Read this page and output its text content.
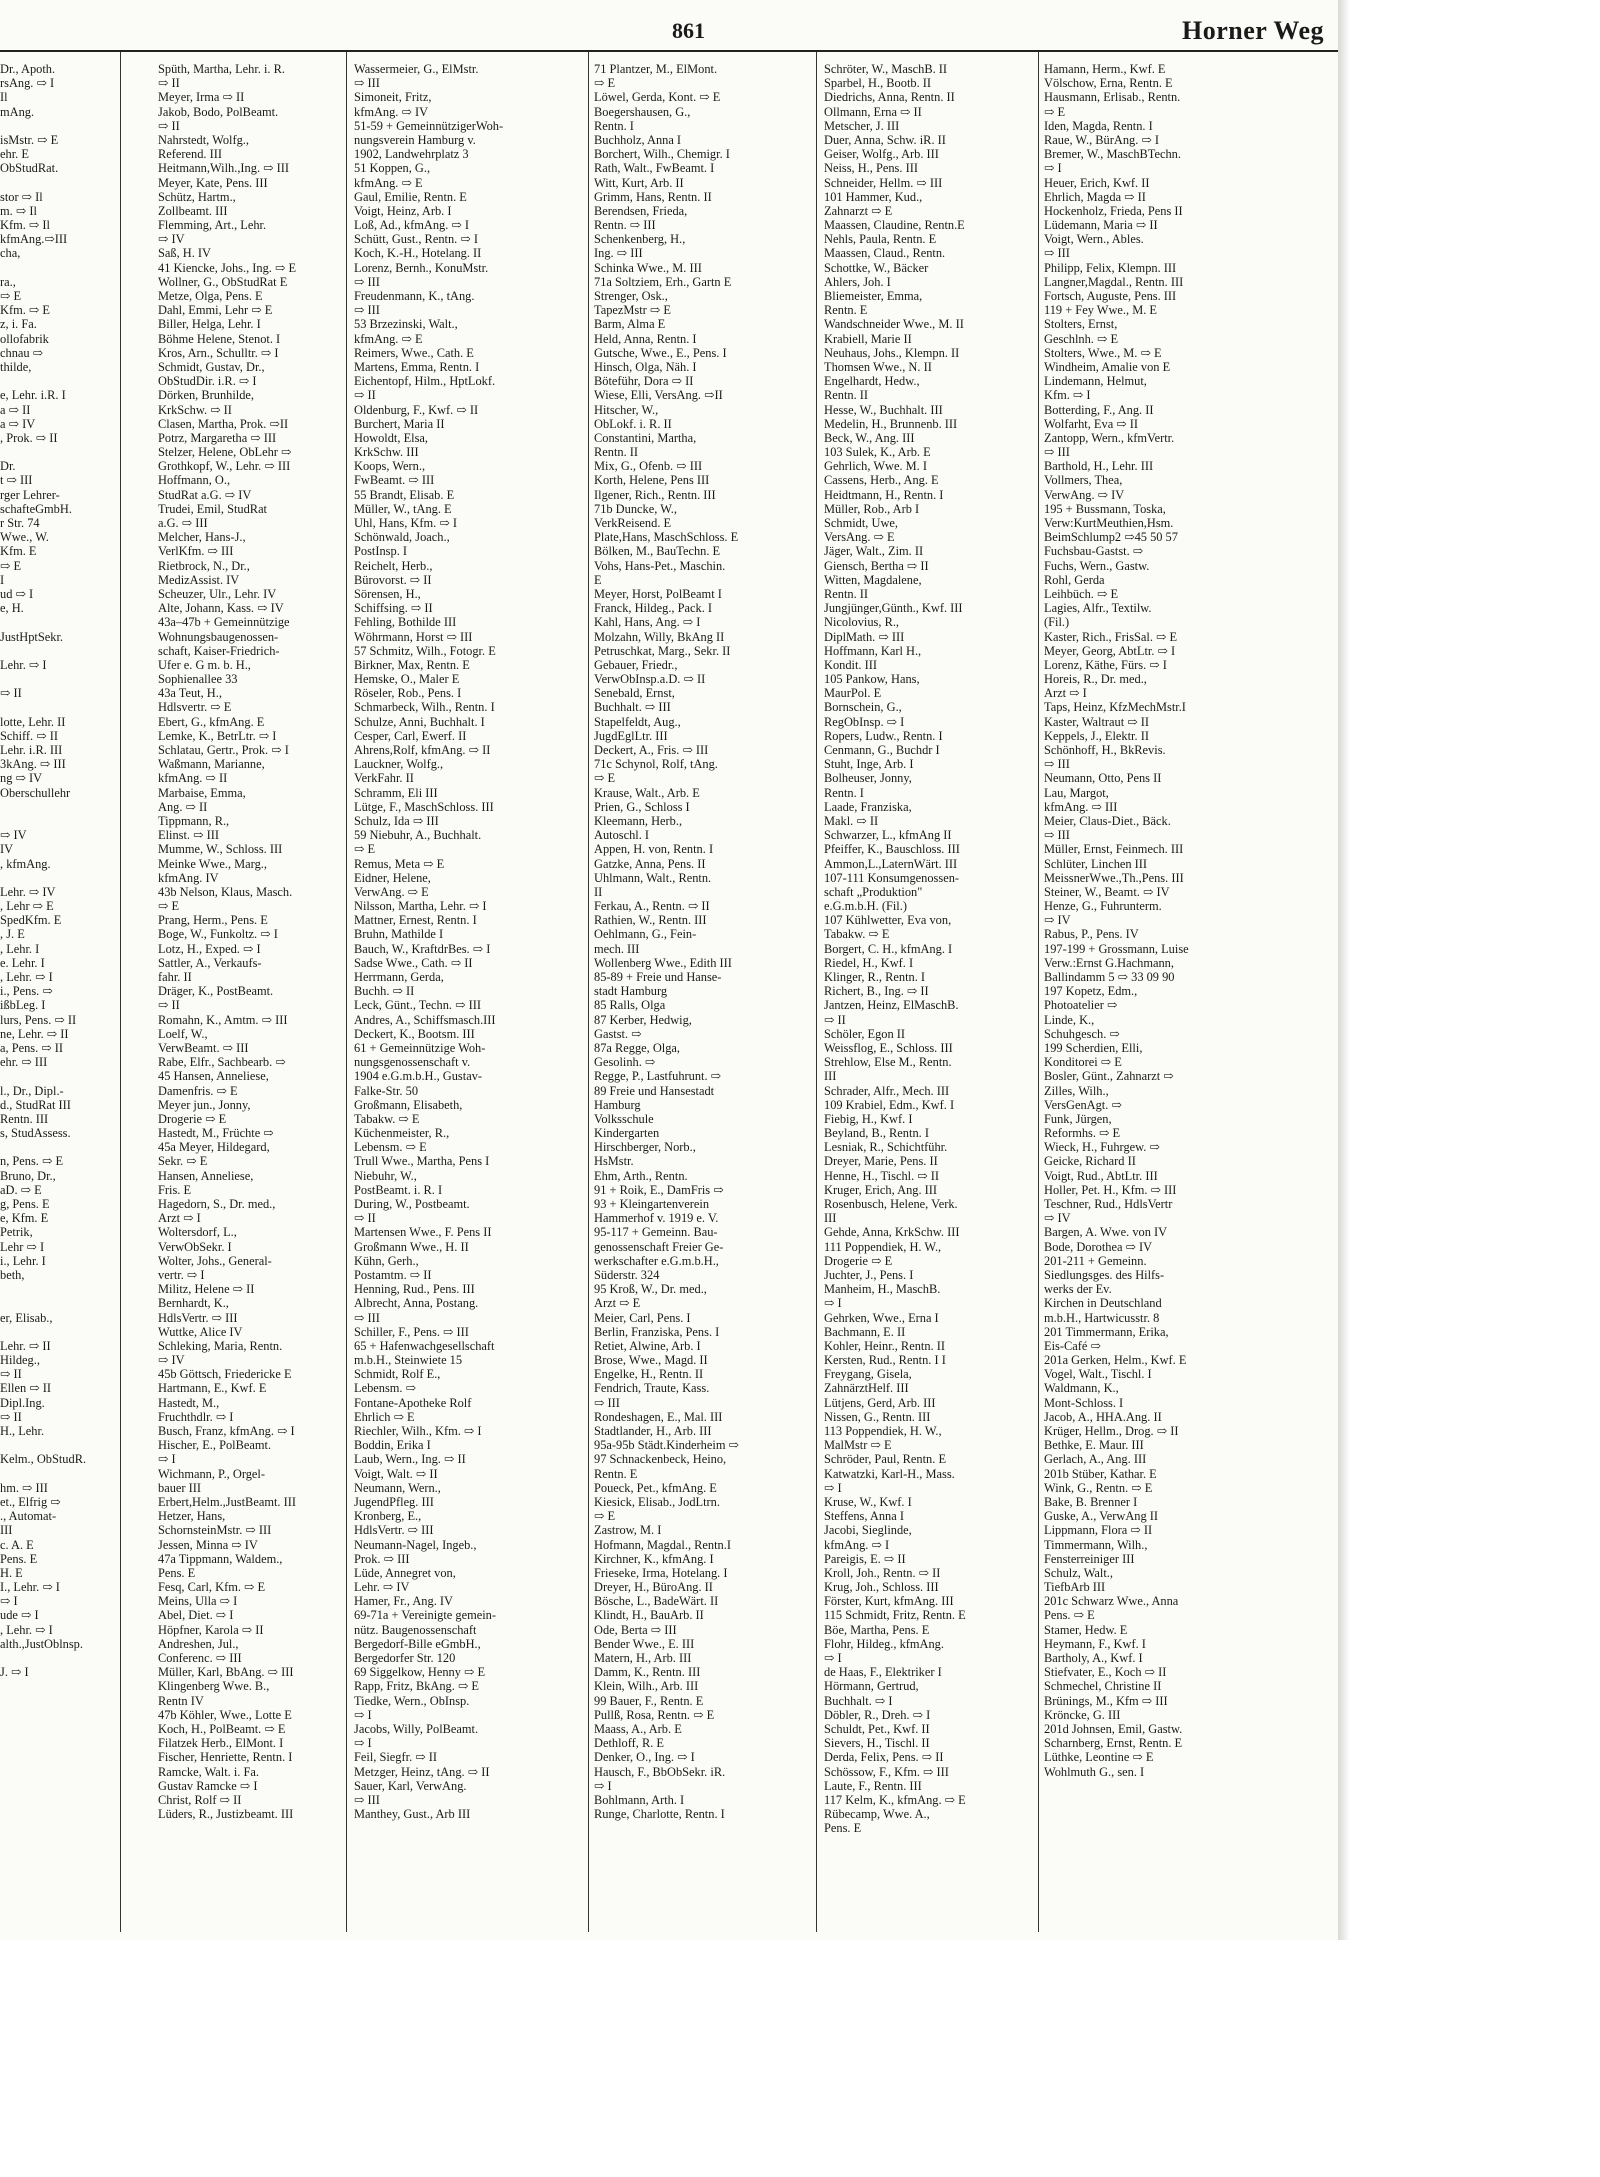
861	Horner Weg
Dr., Apoth.
rsAng. ⇨ I
Il
mAng.
isMstr. ⇨ E
ehr. E
ObStudRat.
stor ⇨ Il
m. ⇨ Il
Kfm. ⇨ Il
kfmAng.⇨III
cha,
ra.,
⇨ E
Kfm. ⇨ E
z, i. Fa.
ollofabrik
chnau ⇨
thilde,
e, Lehr. i.R. I
a ⇨ II
a ⇨ IV
, Prok. ⇨ II
Dr.
t ⇨ III
rger Lehrer-
schafteGmbH.
r Str. 74
Wwe., W.
Kfm. E
⇨ E
I
ud ⇨ I
e, H.
JustHptSekr.
Lehr. ⇨ I
⇨ II
lotte, Lehr. II
Schiff. ⇨ II
Lehr. i.R. III
3kAng. ⇨ III
ng ⇨ IV
Oberschullehr
⇨ IV
IV
, kfmAng.
Lehr. ⇨ IV
, Lehr ⇨ E
SpedKfm. E
, J. E
, Lehr. I
e. Lehr. I
, Lehr. ⇨ I
i., Pens. ⇨
ißbLeg. I
lurs, Pens. ⇨ II
ne, Lehr. ⇨ II
a, Pens. ⇨ II
ehr. ⇨ III
l., Dr., Dipl.-
d., StudRat III
Rentn. III
s, StudAssess.
n, Pens. ⇨ E
Bruno, Dr.,
aD. ⇨ E
g, Pens. E
e, Kfm. E
Petrik,
Lehr ⇨ I
i., Lehr. I
beth,
er, Elisab.,
Lehr. ⇨ II
Hildeg.,
⇨ II
Ellen ⇨ II
Dipl.Ing.
⇨ II
H., Lehr.
Kelm., ObStudR.
hm. ⇨ III
et., Elfrig ⇨
., Automat-
III
c. A. E
Pens. E
H. E
I., Lehr. ⇨ I
⇨ I
ude ⇨ I
, Lehr. ⇨ I
alth.,JustOblnsp.
J. ⇨ I
Spüth, Martha, Lehr. i. R.
⇨ II
Meyer, Irma ⇨ II
Jakob, Bodo, PolBeamt.
⇨ II
Nahrstedt, Wolfg.,
Referend. III
Heitmann,Wilh.,Ing. ⇨ III
Meyer, Kate, Pens. III
Schütz, Hartm.,
Zollbeamt. III
Flemming, Art., Lehr.
⇨ IV
Saß, H. IV
41 Kiencke, Johs., Ing. ⇨ E
Wollner, G., ObStudRat E
Metze, Olga, Pens. E
Dahl, Emmi, Lehr ⇨ E
Biller, Helga, Lehr. I
Böhme Helene, Stenot. I
Kros, Arn., Schulltr. ⇨ I
Schmidt, Gustav, Dr.,
ObStudDir. i.R. ⇨ I
Dörken, Brunhilde,
KrkSchw. ⇨ II
Clasen, Martha, Prok. ⇨II
Potrz, Margaretha ⇨ III
Stelzer, Helene, ObLehr ⇨
Grothkopf, W., Lehr. ⇨ III
Hoffmann, O.,
StudRat a.G. ⇨ IV
Trudei, Emil, StudRat
a.G. ⇨ III
Melcher, Hans-J.,
VerlKfm. ⇨ III
Rietbrock, N., Dr.,
MedizAssist. IV
Scheuzer, Ulr., Lehr. IV
Alte, Johann, Kass. ⇨ IV
43a–47b + Gemeinnützige
Wohnungsbaugenossen-
schaft, Kaiser-Friedrich-
Ufer e. G m. b. H.,
Sophienallee 33
43a Teut, H.,
Hdlsvertr. ⇨ E
Ebert, G., kfmAng. E
Lemke, K., BetrLtr. ⇨ I
Schlatau, Gertr., Prok. ⇨ I
Waßmann, Marianne,
kfmAng. ⇨ II
Marbaise, Emma,
Ang. ⇨ II
Tippmann, R.,
Elinst. ⇨ III
Mumme, W., Schloss. III
Meinke Wwe., Marg.,
kfmAng. IV
43b Nelson, Klaus, Masch.
⇨ E
Prang, Herm., Pens. E
Boge, W., Funkoltz. ⇨ I
Lotz, H., Exped. ⇨ I
Sattler, A., Verkaufs-
fahr. II
Dräger, K., PostBeamt.
⇨ II
Romahn, K., Amtm. ⇨ III
Loelf, W.,
VerwBeamt. ⇨ III
Rabe, Elfr., Sachbearb. ⇨
45 Hansen, Anneliese,
Damenfris. ⇨ E
Meyer jun., Jonny,
Drogerie ⇨ E
Hastedt, M., Früchte ⇨
45a Meyer, Hildegard,
Sekr. ⇨ E
Hansen, Anneliese,
Fris. E
Hagedorn, S., Dr. med.,
Arzt ⇨ I
Woltersdorf, L.,
VerwObSekr. I
Wolter, Johs., General-
vertr. ⇨ I
Militz, Helene ⇨ II
Bernhardt, K.,
HdlsVertr. ⇨ III
Wuttke, Alice IV
Schleking, Maria, Rentn.
⇨ IV
45b Göttsch, Friedericke E
Hartmann, E., Kwf. E
Hastedt, M.,
Fruchthdlr. ⇨ I
Busch, Franz, kfmAng. ⇨ I
Hischer, E., PolBeamt.
⇨ I
Wichmann, P., Orgel-
bauer III
Erbert,Helm.,JustBeamt. III
Hetzer, Hans,
SchornsteinMstr. ⇨ III
Jessen, Minna ⇨ IV
47a Tippmann, Waldem.,
Pens. E
Fesq, Carl, Kfm. ⇨ E
Meins, Ulla ⇨ I
Abel, Diet. ⇨ I
Höpfner, Karola ⇨ II
Andreshen, Jul.,
Conferenc. ⇨ III
Müller, Karl, BbAng. ⇨ III
Klingenberg Wwe. B.,
Rentn IV
47b Köhler, Wwe., Lotte E
Koch, H., PolBeamt. ⇨ E
Filatzek Herb., ElMont. I
Fischer, Henriette, Rentn. I
Ramcke, Walt. i. Fa.
Gustav Ramcke ⇨ I
Christ, Rolf ⇨ II
Lüders, R., Justizbeamt. III
Wassermeier, G., ElMstr.
⇨ III
Simoneit, Fritz,
kfmAng. ⇨ IV
51-59 + GemeinnützigerWoh-
nungsverein Hamburg v.
1902, Landwehrplatz 3
51 Koppen, G.,
kfmAng. ⇨ E
Gaul, Emilie, Rentn. E
Voigt, Heinz, Arb. I
Loß, Ad., kfmAng. ⇨ I
Schütt, Gust., Rentn. ⇨ I
Koch, K.-H., Hotelang. II
Lorenz, Bernh., KonuMstr.
⇨ III
Freudenmann, K., tAng.
⇨ III
53 Brzezinski, Walt.,
kfmAng. ⇨ E
Reimers, Wwe., Cath. E
Martens, Emma, Rentn. I
Eichentopf, Hilm., HptLokf.
⇨ II
Oldenburg, F., Kwf. ⇨ II
Burchert, Maria II
Howoldt, Elsa,
KrkSchw. III
Koops, Wern.,
FwBeamt. ⇨ III
55 Brandt, Elisab. E
Müller, W., tAng. E
Uhl, Hans, Kfm. ⇨ I
Schönwald, Joach.,
PostInsp. I
Reichelt, Herb.,
Bürovorst. ⇨ II
Sörensen, H.,
Schiffsing. ⇨ II
Fehling, Bothilde III
Wöhrmann, Horst ⇨ III
57 Schmitz, Wilh., Fotogr. E
Birkner, Max, Rentn. E
Hemske, O., Maler E
Röseler, Rob., Pens. I
Schmarbeck, Wilh., Rentn. I
Schulze, Anni, Buchhalt. I
Cesper, Carl, Ewerf. II
Ahrens,Rolf, kfmAng. ⇨ II
Lauckner, Wolfg.,
VerkFahr. II
Schramm, Eli III
Lütge, F., MaschSchloss. III
Schulz, Ida ⇨ III
59 Niebuhr, A., Buchhalt.
⇨ E
Remus, Meta ⇨ E
Eidner, Helene,
VerwAng. ⇨ E
Nilsson, Martha, Lehr. ⇨ I
Mattner, Ernest, Rentn. I
Bruhn, Mathilde I
Bauch, W., KraftdrBes. ⇨ I
Sadse Wwe., Cath. ⇨ II
Herrmann, Gerda,
Buchh. ⇨ II
Leck, Günt., Techn. ⇨ III
Andres, A., Schiffsmasch.III
Deckert, K., Bootsm. III
61 + Gemeinnützige Woh-
nungsgenossenschaft v.
1904 e.G.m.b.H., Gustav-
Falke-Str. 50
Großmann, Elisabeth,
Tabakw. ⇨ E
Küchenmeister, R.,
Lebensm. ⇨ E
Trull Wwe., Martha, Pens I
Niebuhr, W.,
PostBeamt. i. R. I
During, W., Postbeamt.
⇨ II
Martensen Wwe., F. Pens II
Großmann Wwe., H. II
Kühn, Gerh.,
Postamtm. ⇨ II
Henning, Rud., Pens. III
Albrecht, Anna, Postang.
⇨ III
Schiller, F., Pens. ⇨ III
65 + Hafenwachgesellschaft
m.b.H., Steinwiete 15
Schmidt, Rolf E.,
Lebensm. ⇨
Fontane-Apotheke Rolf
Ehrlich ⇨ E
Riechler, Wilh., Kfm. ⇨ I
Boddin, Erika I
Laub, Wern., Ing. ⇨ II
Voigt, Walt. ⇨ II
Neumann, Wern.,
JugendPfleg. III
Kronberg, E.,
HdlsVertr. ⇨ III
Neumann-Nagel, Ingeb.,
Prok. ⇨ III
Lüde, Annegret von,
Lehr. ⇨ IV
Hamer, Fr., Ang. IV
69-71a + Vereinigte gemein-
nütz. Baugenossenschaft
Bergedorf-Bille eGmbH.,
Bergedorfer Str. 120
69 Siggelkow, Henny ⇨ E
Rapp, Fritz, BkAng. ⇨ E
Tiedke, Wern., ObInsp.
⇨ I
Jacobs, Willy, PolBeamt.
⇨ I
Feil, Siegfr. ⇨ II
Metzger, Heinz, tAng. ⇨ II
Sauer, Karl, VerwAng.
⇨ III
Manthey, Gust., Arb III
71 Plantzer, M., ElMont.
⇨ E
Löwel, Gerda, Kont. ⇨ E
Boegershausen, G.,
Rentn. I
Buchholz, Anna I
Borchert, Wilh., Chemigr. I
Rath, Walt., FwBeamt. I
Witt, Kurt, Arb. II
Grimm, Hans, Rentn. II
Berendsen, Frieda,
Rentn. ⇨ III
Schenkenberg, H.,
Ing. ⇨ III
Schinka Wwe., M. III
71a Soltziem, Erh., Gartn E
Strenger, Osk.,
TapezMstr ⇨ E
Barm, Alma E
Held, Anna, Rentn. I
Gutsche, Wwe., E., Pens. I
Hinsch, Olga, Näh. I
Böteführ, Dora ⇨ II
Wiese, Elli, VersAng. ⇨II
Hitscher, W.,
ObLokf. i. R. II
Constantini, Martha,
Rentn. II
Mix, G., Ofenb. ⇨ III
Korth, Helene, Pens III
Ilgener, Rich., Rentn. III
71b Duncke, W.,
VerkReisend. E
Plate,Hans, MaschSchloss. E
Bölken, M., BauTechn. E
Vohs, Hans-Pet., Maschin.
E
Meyer, Horst, PolBeamt I
Franck, Hildeg., Pack. I
Kahl, Hans, Ang. ⇨ I
Molzahn, Willy, BkAng II
Petruschkat, Marg., Sekr. II
Gebauer, Friedr.,
VerwObInsp.a.D. ⇨ II
Senebald, Ernst,
Buchhalt. ⇨ III
Stapelfeldt, Aug.,
JugdEglLtr. III
Deckert, A., Fris. ⇨ III
71c Schynol, Rolf, tAng.
⇨ E
Krause, Walt., Arb. E
Prien, G., Schloss I
Kleemann, Herb.,
Autoschl. I
Appen, H. von, Rentn. I
Gatzke, Anna, Pens. II
Uhlmann, Walt., Rentn.
II
Ferkau, A., Rentn. ⇨ II
Rathien, W., Rentn. III
Oehlmann, G., Fein-
mech. III
Wollenberg Wwe., Edith III
85-89 + Freie und Hanse-
stadt Hamburg
85 Ralls, Olga
87 Kerber, Hedwig,
Gastst. ⇨
87a Regge, Olga,
Gesolinh. ⇨
Regge, P., Lastfuhrunt. ⇨
89 Freie und Hansestadt
Hamburg
Volksschule
Kindergarten
Hirschberger, Norb.,
HsMstr.
Ehm, Arth., Rentn.
91 + Roik, E., DamFris ⇨
93 + Kleingartenverein
Hammerhof v. 1919 e. V.
95-117 + Gemeinn. Bau-
genossenschaft Freier Ge-
werkschafter e.G.m.b.H.,
Süderstr. 324
95 Kroß, W., Dr. med.,
Arzt ⇨ E
Meier, Carl, Pens. I
Berlin, Franziska, Pens. I
Retiet, Alwine, Arb. I
Brose, Wwe., Magd. II
Engelke, H., Rentn. II
Fendrich, Traute, Kass.
⇨ III
Rondeshagen, E., Mal. III
Stadtlander, H., Arb. III
95a-95b Städt.Kinderheim ⇨
97 Schnackenbeck, Heino,
Rentn. E
Poueck, Pet., kfmAng. E
Kiesick, Elisab., JodLtrn.
⇨ E
Zastrow, M. I
Hofmann, Magdal., Rentn.I
Kirchner, K., kfmAng. I
Frieseke, Irma, Hotelang. I
Dreyer, H., BüroAng. II
Bösche, L., BadeWärt. II
Klindt, H., BauArb. II
Ode, Berta ⇨ III
Bender Wwe., E. III
Matern, H., Arb. III
Damm, K., Rentn. III
Klein, Wilh., Arb. III
99 Bauer, F., Rentn. E
Pullß, Rosa, Rentn. ⇨ E
Maass, A., Arb. E
Dethloff, R. E
Denker, O., Ing. ⇨ I
Hausch, F., BbObSekr. iR.
⇨ I
Bohlmann, Arth. I
Runge, Charlotte, Rentn. I
Schröter, W., MaschB. II
Sparbel, H., Bootb. II
Diedrichs, Anna, Rentn. II
Ollmann, Erna ⇨ II
Metscher, J. III
Duer, Anna, Schw. iR. II
Geiser, Wolfg., Arb. III
Neiss, H., Pens. III
Schneider, Hellm. ⇨ III
101 Hammer, Kud.,
Zahnarzt ⇨ E
Maassen, Claudine, Rentn.E
Nehls, Paula, Rentn. E
Maassen, Claud., Rentn.
Schottke, W., Bäcker
Ahlers, Joh. I
Bliemeister, Emma,
Rentn. E
Wandschneider Wwe., M. II
Krabiell, Marie II
Neuhaus, Johs., Klempn. II
Thomsen Wwe., N. II
Engelhardt, Hedw.,
Rentn. II
Hesse, W., Buchhalt. III
Medelin, H., Brunnenb. III
Beck, W., Ang. III
103 Sulek, K., Arb. E
Gehrlich, Wwe. M. I
Cassens, Herb., Ang. E
Heidtmann, H., Rentn. I
Müller, Rob., Arb I
Schmidt, Uwe,
VersAng. ⇨ E
Jäger, Walt., Zim. II
Giensch, Bertha ⇨ II
Witten, Magdalene,
Rentn. II
Jungjünger,Günth., Kwf. III
Nicolovius, R.,
DiplMath. ⇨ III
Hoffmann, Karl H.,
Kondit. III
105 Pankow, Hans,
MaurPol. E
Bornschein, G.,
RegObInsp. ⇨ I
Ropers, Ludw., Rentn. I
Cenmann, G., Buchdr I
Stuht, Inge, Arb. I
Bolheuser, Jonny,
Rentn. I
Laade, Franziska,
Makl. ⇨ II
Schwarzer, L., kfmAng II
Pfeiffer, K., Bauschloss. III
Ammon,L.,LaternWärt. III
107-111 Konsumgenossen-
schaft „Produktion"
e.G.m.b.H. (Fil.)
107 Kühlwetter, Eva von,
Tabakw. ⇨ E
Borgert, C. H., kfmAng. I
Riedel, H., Kwf. I
Klinger, R., Rentn. I
Richert, B., Ing. ⇨ II
Jantzen, Heinz, ElMaschB.
⇨ II
Schöler, Egon II
Weissflog, E., Schloss. III
Strehlow, Else M., Rentn.
III
Schrader, Alfr., Mech. III
109 Krabiel, Edm., Kwf. I
Fiebig, H., Kwf. I
Beyland, B., Rentn. I
Lesniak, R., Schichtführ.
Dreyer, Marie, Pens. II
Henne, H., Tischl. ⇨ II
Kruger, Erich, Ang. III
Rosenbusch, Helene, Verk.
III
Gehde, Anna, KrkSchw. III
111 Poppendiek, H. W.,
Drogerie ⇨ E
Juchter, J., Pens. I
Manheim, H., MaschB.
⇨ I
Gehrken, Wwe., Erna I
Bachmann, E. II
Kohler, Heinr., Rentn. II
Kersten, Rud., Rentn. I I
Freygang, Gisela,
ZahnärztHelf. III
Lütjens, Gerd, Arb. III
Nissen, G., Rentn. III
113 Poppendiek, H. W.,
MalMstr ⇨ E
Schröder, Paul, Rentn. E
Katwatzki, Karl-H., Mass.
⇨ I
Kruse, W., Kwf. I
Steffens, Anna I
Jacobi, Sieglinde,
kfmAng. ⇨ I
Pareigis, E. ⇨ II
Kroll, Joh., Rentn. ⇨ II
Krug, Joh., Schloss. III
Förster, Kurt, kfmAng. III
115 Schmidt, Fritz, Rentn. E
Böe, Martha, Pens. E
Flohr, Hildeg., kfmAng.
⇨ I
de Haas, F., Elektriker I
Hörmann, Gertrud,
Buchhalt. ⇨ I
Döbler, R., Dreh. ⇨ I
Schuldt, Pet., Kwf. II
Sievers, H., Tischl. II
Derda, Felix, Pens. ⇨ II
Schössow, F., Kfm. ⇨ III
Laute, F., Rentn. III
117 Kelm, K., kfmAng. ⇨ E
Rübecamp, Wwe. A.,
Pens. E
Hamann, Herm., Kwf. E
Völschow, Erna, Rentn. E
Hausmann, Erlisab., Rentn.
⇨ E
Iden, Magda, Rentn. I
Raue, W., BürAng. ⇨ I
Bremer, W., MaschBTechn.
⇨ I
Heuer, Erich, Kwf. II
Ehrlich, Magda ⇨ II
Hockenholz, Frieda, Pens II
Lüdemann, Maria ⇨ II
Voigt, Wern., Ables.
⇨ III
Philipp, Felix, Klempn. III
Langner,Magdal., Rentn. III
Fortsch, Auguste, Pens. III
119 + Fey Wwe., M. E
Stolters, Ernst,
Geschlnh. ⇨ E
Stolters, Wwe., M. ⇨ E
Windheim, Amalie von E
Lindemann, Helmut,
Kfm. ⇨ I
Botterding, F., Ang. II
Wolfarht, Eva ⇨ II
Zantopp, Wern., kfmVertr.
⇨ III
Barthold, H., Lehr. III
Vollmers, Thea,
VerwAng. ⇨ IV
195 + Bussmann, Toska,
Verw:KurtMeuthien,Hsm.
BeimSchlump2 ⇨45 50 57
Fuchsbau-Gastst. ⇨
Fuchs, Wern., Gastw.
Rohl, Gerda
Leihbüch. ⇨ E
Lagies, Alfr., Textilw.
(Fil.)
Kaster, Rich., FrisSal. ⇨ E
Meyer, Georg, AbtLtr. ⇨ I
Lorenz, Käthe, Fürs. ⇨ I
Horeis, R., Dr. med.,
Arzt ⇨ I
Taps, Heinz, KfzMechMstr.I
Kaster, Waltraut ⇨ II
Keppels, J., Elektr. II
Schönhoff, H., BkRevis.
⇨ III
Neumann, Otto, Pens II
Lau, Margot,
kfmAng. ⇨ III
Meier, Claus-Diet., Bäck.
⇨ III
Müller, Ernst, Feinmech. III
Schlüter, Linchen III
MeissnerWwe.,Th.,Pens. III
Steiner, W., Beamt. ⇨ IV
Henze, G., Fuhrunterm.
⇨ IV
Rabus, P., Pens. IV
197-199 + Grossmann, Luise
Verw.:Ernst G.Hachmann,
Ballindamm 5 ⇨ 33 09 90
197 Kopetz, Edm.,
Photoatelier ⇨
Linde, K.,
Schuhgesch. ⇨
199 Scherdien, Elli,
Konditorei ⇨ E
Bosler, Günt., Zahnarzt ⇨
Zilles, Wilh.,
VersGenAgt. ⇨
Funk, Jürgen,
Reformhs. ⇨ E
Wieck, H., Fuhrgew. ⇨
Geicke, Richard II
Voigt, Rud., AbtLtr. III
Holler, Pet. H., Kfm. ⇨ III
Teschner, Rud., HdlsVertr
⇨ IV
Bargen, A. Wwe. von IV
Bode, Dorothea ⇨ IV
201-211 + Gemeinn.
Siedlungsges. des Hilfs-
werks der Ev.
Kirchen in Deutschland
m.b.H., Hartwicusstr. 8
201 Timmermann, Erika,
Eis-Café ⇨
201a Gerken, Helm., Kwf. E
Vogel, Walt., Tischl. I
Waldmann, K.,
Mont-Schloss. I
Jacob, A., HHA.Ang. II
Krüger, Hellm., Drog. ⇨ II
Bethke, E. Maur. III
Gerlach, A., Ang. III
201b Stüber, Kathar. E
Wink, G., Rentn. ⇨ E
Bake, B. Brenner I
Guske, A., VerwAng II
Lippmann, Flora ⇨ II
Timmermann, Wilh.,
Fensterreiniger III
Schulz, Walt.,
TiefbArb III
201c Schwarz Wwe., Anna
Pens. ⇨ E
Stamer, Hedw. E
Heymann, F., Kwf. I
Bartholy, A., Kwf. I
Stiefvater, E., Koch ⇨ II
Schmechel, Christine II
Brünings, M., Kfm ⇨ III
Kröncke, G. III
201d Johnsen, Emil, Gastw.
Scharnberg, Ernst, Rentn. E
Lüthke, Leontine ⇨ E
Wohlmuth G., sen. I
